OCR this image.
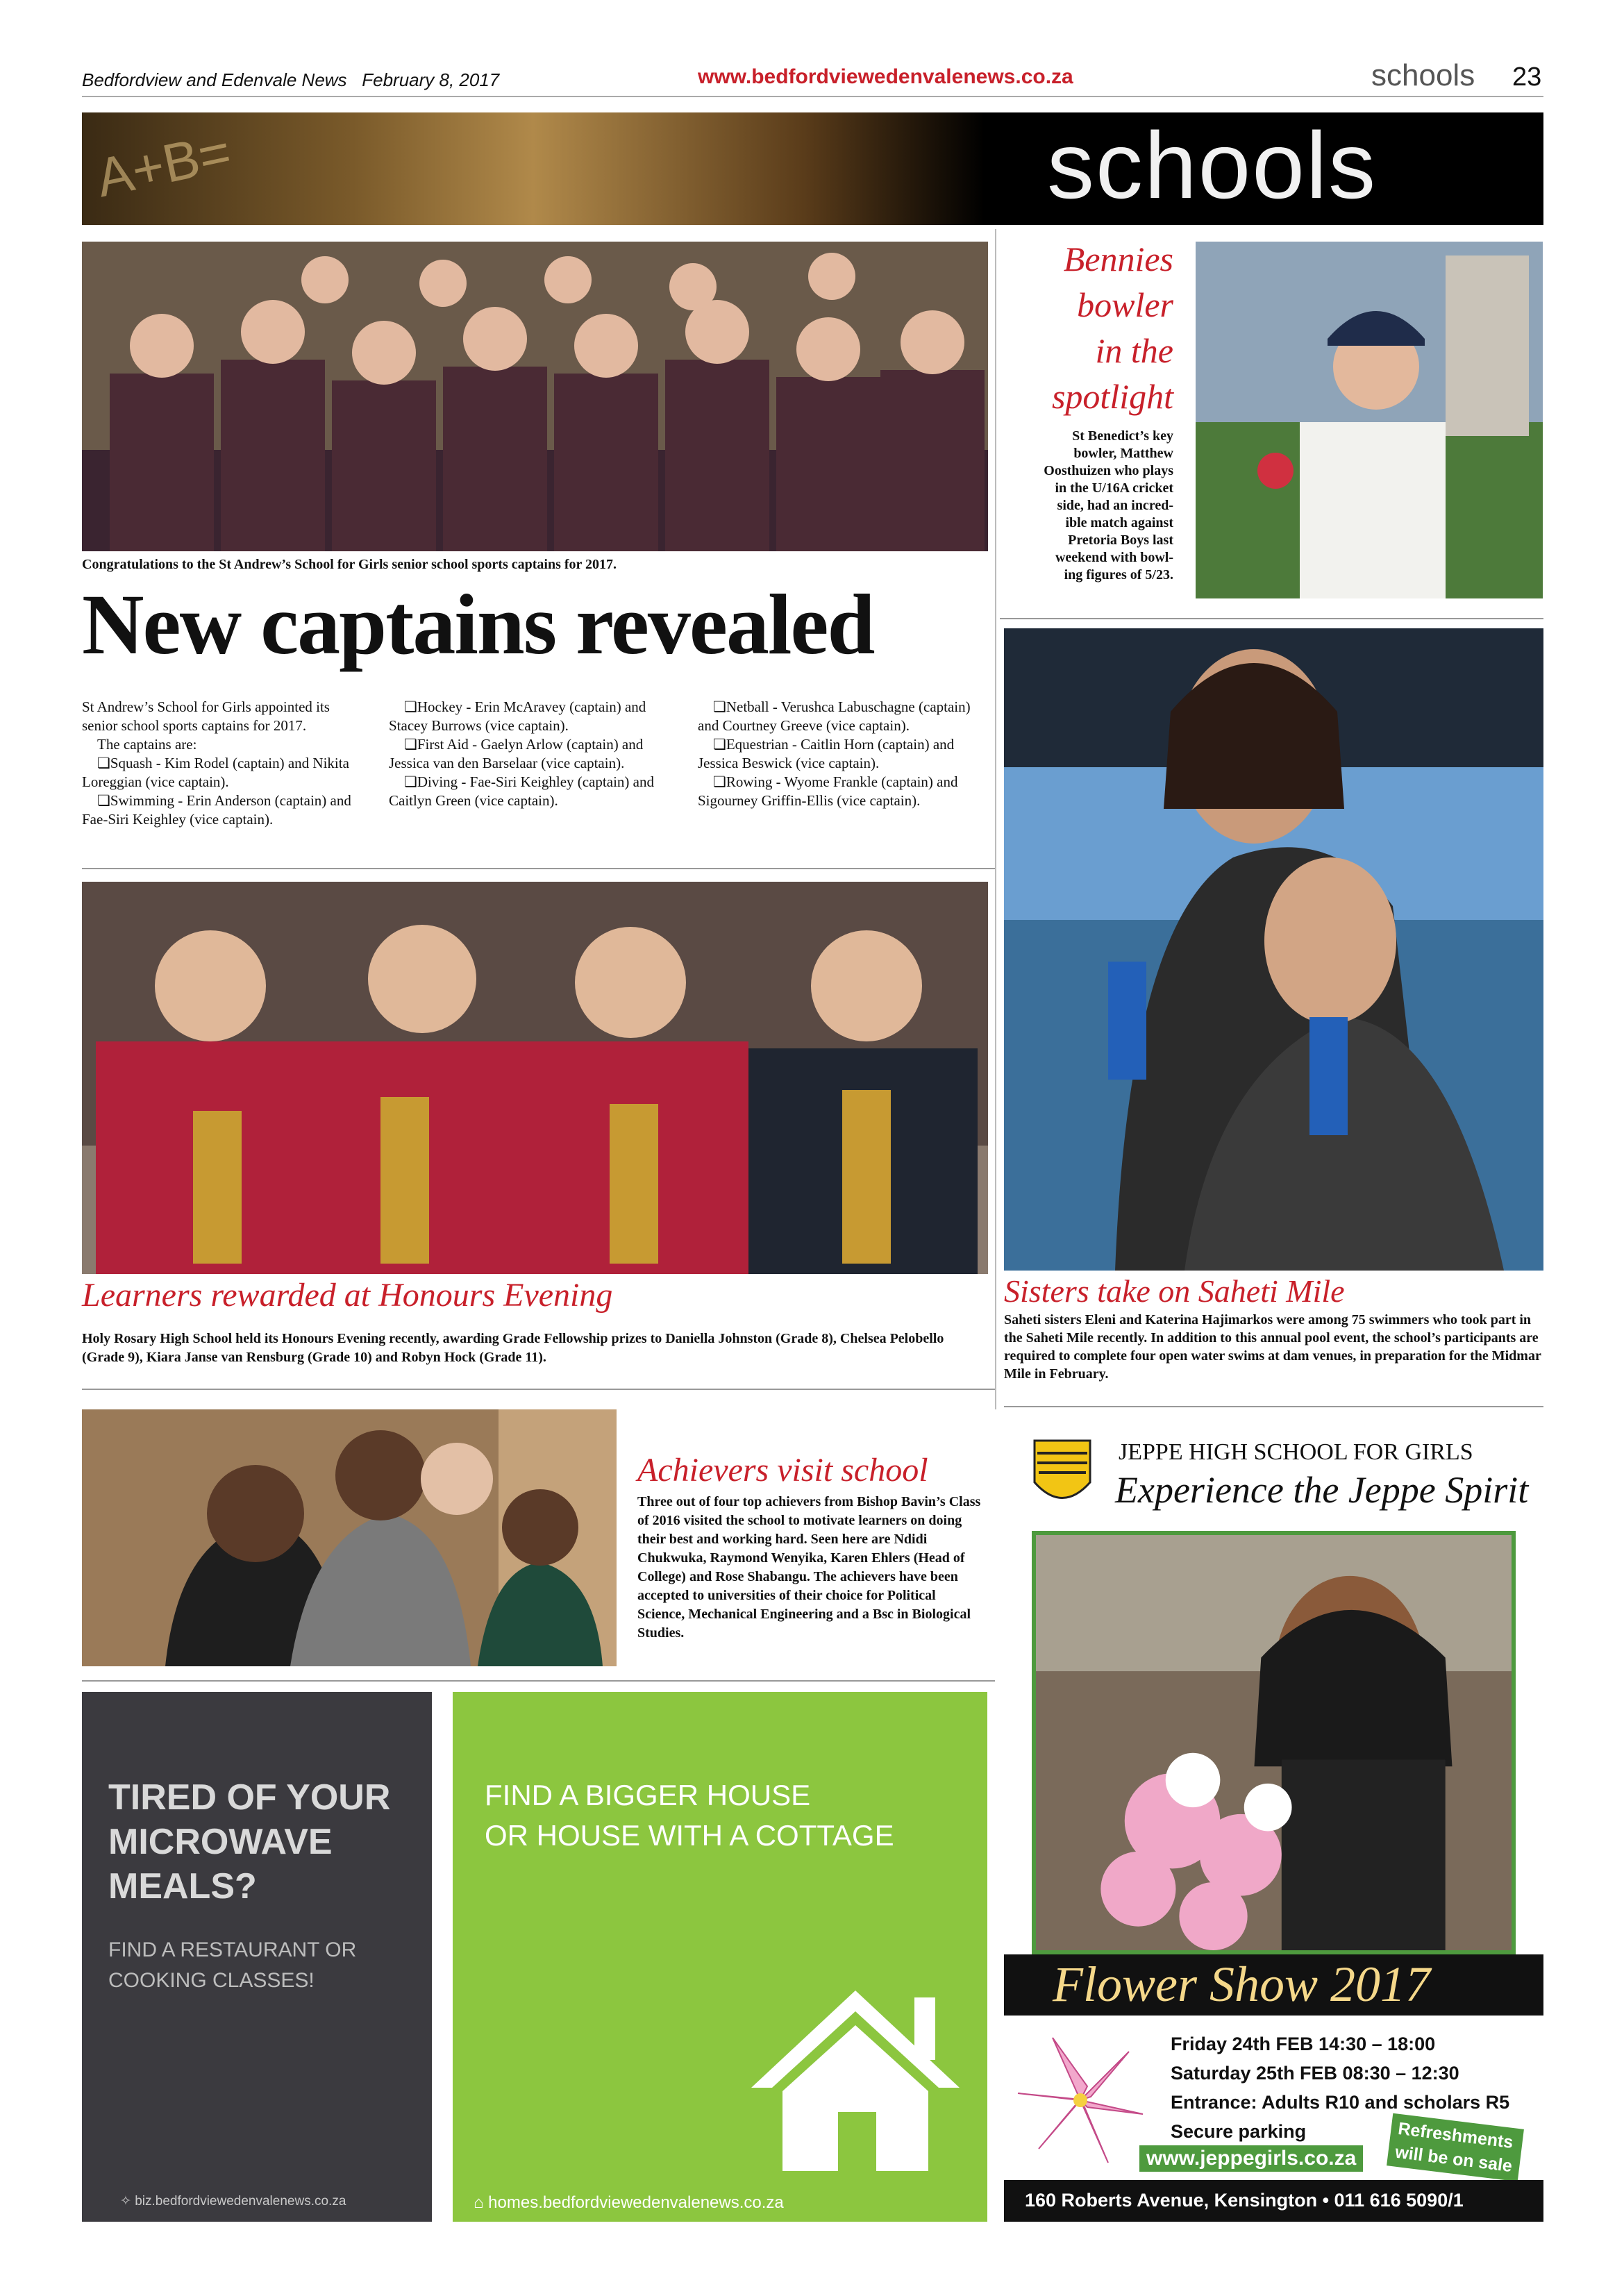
Bedfordview and Edenvale News February 8, 2017	www.bedfordviewedenvalenews.co.za	schools 23
A+B=	schools
Congratulations to the St Andrew’s School for Girls senior school sports captains for 2017.
New captains revealed
St Andrew’s School for Girls appointed its senior school sports captains for 2017.
The captains are:
❏ Squash - Kim Rodel (captain) and Nikita Loreggian (vice captain).
❏ Swimming - Erin Anderson (captain) and Fae-Siri Keighley (vice captain).
❏ Hockey - Erin McAravey (captain) and Stacey Burrows (vice captain).
❏ First Aid - Gaelyn Arlow (captain) and Jessica van den Barselaar (vice captain).
❏ Diving - Fae-Siri Keighley (captain) and Caitlyn Green (vice captain).
❏ Netball - Verushca Labuschagne (captain) and Courtney Greeve (vice captain).
❏ Equestrian - Caitlin Horn (captain) and Jessica Beswick (vice captain).
❏ Rowing - Wyome Frankle (captain) and Sigourney Griffin-Ellis (vice captain).
Bennies
bowler
in the
spotlight
St Benedict’s key
bowler, Matthew
Oosthuizen who plays
in the U/16A cricket
side, had an incred-
ible match against
Pretoria Boys last
weekend with bowl-
ing figures of 5/23.
Sisters take on Saheti Mile
Saheti sisters Eleni and Katerina Hajimarkos were among 75 swimmers who took part in the Saheti Mile recently. In addition to this annual pool event, the school’s participants are required to complete four open water swims at dam venues, in preparation for the Midmar Mile in February.
Learners rewarded at Honours Evening
Holy Rosary High School held its Honours Evening recently, awarding Grade Fellowship prizes to Daniella Johnston (Grade 8), Chelsea Pelobello (Grade 9), Kiara Janse van Rensburg (Grade 10) and Robyn Hock (Grade 11).
Achievers visit school
Three out of four top achievers from Bishop Bavin’s Class of 2016 visited the school to motivate learners on doing their best and working hard. Seen here are Ndidi Chukwuka, Raymond Wenyika, Karen Ehlers (Head of College) and Rose Shabangu. The achievers have been accepted to universities of their choice for Political Science, Mechanical Engineering and a Bsc in Biological Studies.
TIRED OF YOUR
MICROWAVE
MEALS?
FIND A RESTAURANT OR
COOKING CLASSES!
✧ biz.bedfordviewedenvalenews.co.za
FIND A BIGGER HOUSE
OR HOUSE WITH A COTTAGE
⌂ homes.bedfordviewedenvalenews.co.za
JEPPE HIGH SCHOOL FOR GIRLS
Experience the Jeppe Spirit
Flower Show 2017
Friday 24th FEB 14:30 – 18:00
Saturday 25th FEB 08:30 – 12:30
Entrance: Adults R10 and scholars R5
Secure parking	Refreshments
will be on sale
www.jeppegirls.co.za
160 Roberts Avenue, Kensington • 011 616 5090/1
